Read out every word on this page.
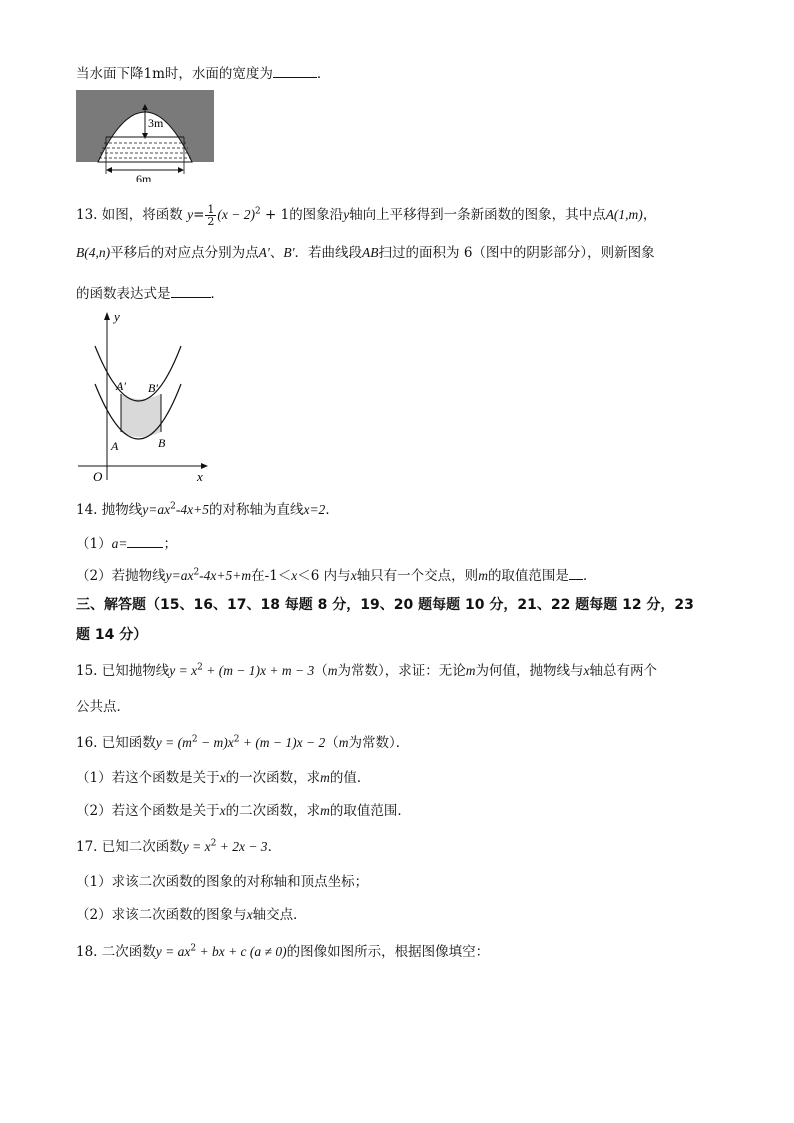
当水面下降1m时，水面的宽度为	．
3m
6m
13. 如图，将函数 $y= \frac{1}{2} (x - 2)^2 + 1$的图象沿y轴向上平移得到一条新函数的图象，其中点A(1,m)，
B(4,n)平移后的对应点分别为点A′、B′．若曲线段AB扫过的面积为 6（图中的阴影部分），则新图象
的函数表达式是	．
y
x
O
A′ B′
A	B
14. 抛物线$y=ax^2-4x+5$的对称轴为直线x=2．
（1）a=	；
（2）若抛物线$y=ax^2-4x+5+m$在-1＜x＜6 内与x轴只有一个交点，则m的取值范围是 ．
三、解答题（15、16、17、18 每题 8 分，19、20 题每题 10 分，21、22 题每题 12 分，23
题 14 分）
15. 已知抛物线$y = x^2 + (m - 1)x + m - 3(m$为常数），求证：无论m为何值，抛物线与x轴总有两个
公共点．
16. 已知函数$y = (m^2 - m)x^2 + (m - 1)x - 2(m$为常数）．
（1）若这个函数是关于x的一次函数，求m的值．
（2）若这个函数是关于x的二次函数，求m的取值范围．
17. 已知二次函数$y = x^2 + 2x - 3$．
（1）求该二次函数的图象的对称轴和顶点坐标；
（2）求该二次函数的图象与x轴交点．
18. 二次函数$y = ax^2$ + bx + c (a ≠ 0)的图像如图所示，根据图像填空：
